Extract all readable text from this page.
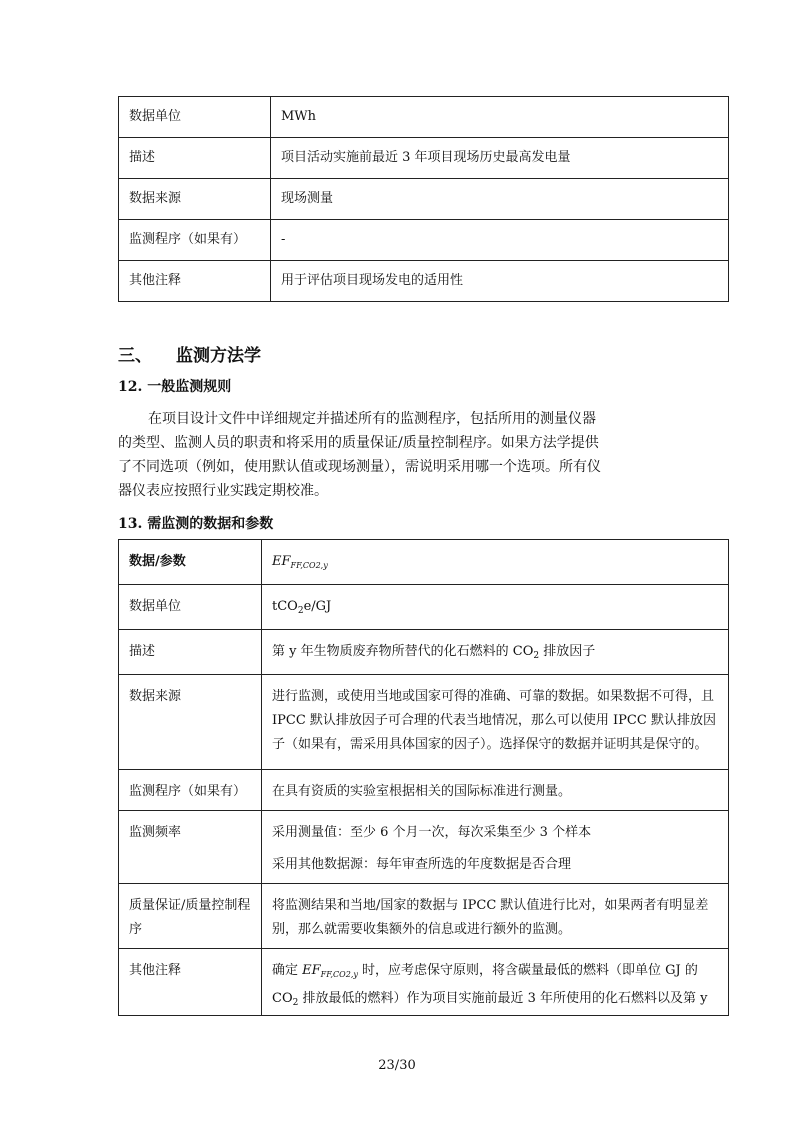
数据单位	MWh
描述	项目活动实施前最近 3 年项目现场历史最高发电量
数据来源	现场测量
监测程序（如果有）	-
其他注释	用于评估项目现场发电的适用性
三、 监测方法学
12. 一般监测规则

在项目设计文件中详细规定并描述所有的监测程序，包括所用的测量仪器

的类型、监测人员的职责和将采用的质量保证/质量控制程序。如果方法学提供
了不同选项（例如，使用默认值或现场测量），需说明采用哪一个选项。所有仪
器仪表应按照行业实践定期校准。
13. 需监测的数据和参数
数据/参数	$EF_{FF,CO2,y}$
数据单位	tCO$_2$e/GJ
描述	第 y 年生物质废弃物所替代的化石燃料的 $CO_2$ 排放因子
数据来源	进行监测，或使用当地或国家可得的准确、可靠的数据。如果数据不可得，且 IPCC 默认排放因子可合理的代表当地情况，那么可以使用 IPCC 默认排放因子（如果有，需采用具体国家的因子）。选择保守的数据并证明其是保守的。
监测程序（如果有）	在具有资质的实验室根据相关的国际标准进行测量。
监测频率	采用测量值：至少 6 个月一次，每次采集至少 3 个样本
采用其他数据源：每年审查所选的年度数据是否合理

质量保证/质量控制程序	将监测结果和当地/国家的数据与 IPCC 默认值进行比对，如果两者有明显差别，那么就需要收集额外的信息或进行额外的监测。
其他注释	确定 $EF_{FF,CO2,y}$ 时，应考虑保守原则，将含碳量最低的燃料（即单位 GJ 的 $CO_2$ 排放最低的燃料）作为项目实施前最近 3 年所使用的化石燃料以及第 y
23/30
